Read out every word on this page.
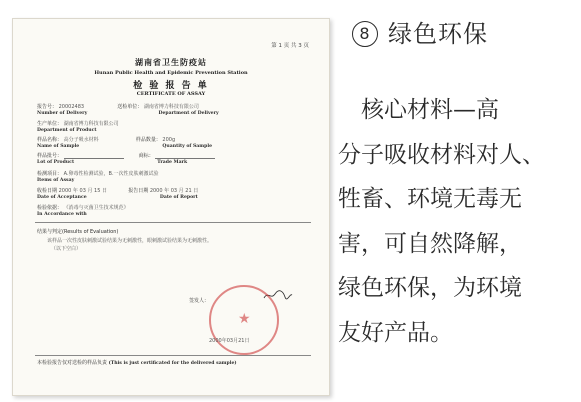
第 1 页 共 3 页
湖南省卫生防疫站
Hunan Public Health and Epidemic Prevention Station
检 验 报 告 单
CERTIFICATE OF ASSAY
报告号： 20002483	送检单位： 湖南省博力科技有限公司
Number of Delivery	Department of Delivery
生产单位： 湖南省博力科技有限公司
Department of Product
样品名称： 高分子吸水材料	样品数量： 200g
Name of Sample	Quantity of Sample
样品批号：	商标：
Lot of Product	Trade Mark
检测项目： A.卵毒性检测试验，B.一次性皮肤刺激试验
Items of Assay
收检日期 2000 年 03 月 15 日	报告日期 2000 年 03 月 21 日
Date of Acceptance	Date of Report
检验依据： 《消毒与灭菌卫生技术规范》
In Accordance with
结果与判定(Results of Evaluation)
该样品一次性皮肤刺激试验结果为无刺激性，眼刺激试验结果为无刺激性。
（以下空白）
签发人：
★
2000年03月21日
本检验报告仅对送检的样品负责 (This is just certificated for the delivered sample)
8 绿色环保
　核心材料—高
分子吸收材料对人、
牲畜、环境无毒无
害，可自然降解，
绿色环保，为环境
友好产品。
